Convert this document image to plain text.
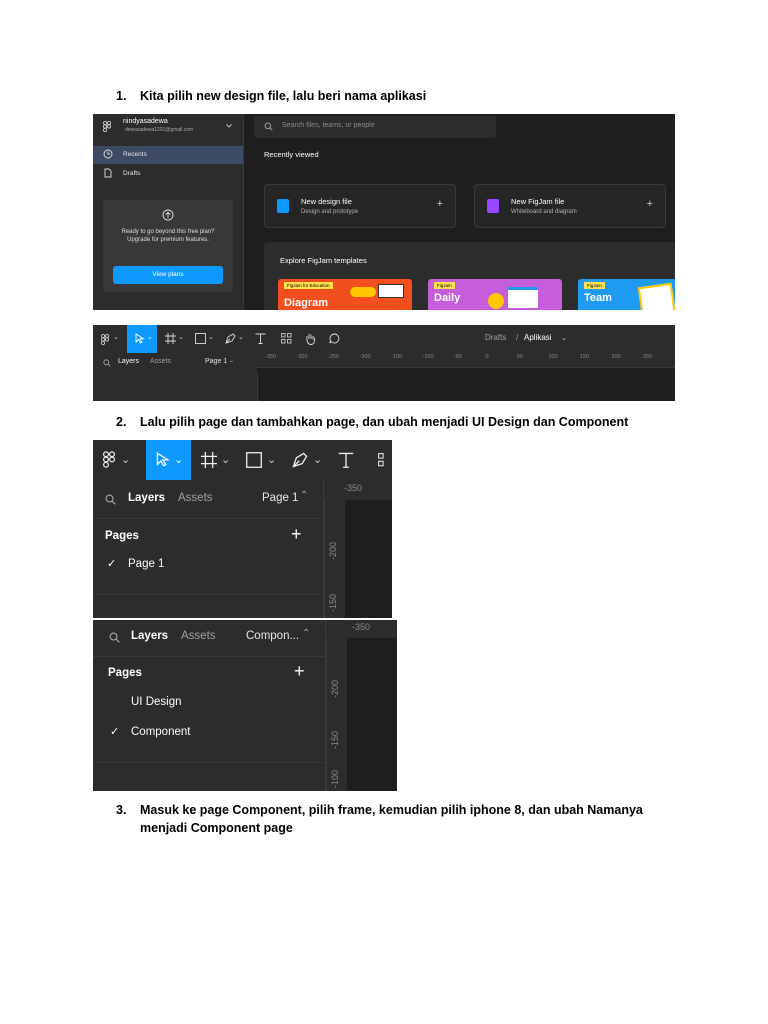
1.	Kita pilih new design file, lalu beri nama aplikasi
nindyasadewa
dewasadewa1201@gmail.com
Recents
Drafts
Ready to go beyond this free plan? Upgrade for premium features.
View plans
Search files, teams, or people
Recently viewed
New design file
Design and prototype
+	New FigJam file
Whiteboard and diagram
+
Explore FigJam templates
FigJam for Education
Diagram
FigJam
Daily
FigJam
Team
⌄	⌄	⌄	⌄	⌄	Drafts / Aplikasi ⌄
Layers Assets	Page 1 ⌄
-350	-300	-250	-200	-150	-100	-50	0	50	100	150	200	250
2.	Lalu pilih page dan tambahkan page, dan ubah menjadi UI Design dan Component
⌄	⌄	⌄	⌄	⌄
Layers Assets	Page 1 ⌃
Pages	+
✓ Page 1
-350
-200
-150
Layers Assets	Compon... ⌃
Pages	+
UI Design
✓ Component
-350
-200
-150
-100
3.	Masuk ke page Component, pilih frame, kemudian pilih iphone 8, dan ubah Namanya
menjadi Component page
